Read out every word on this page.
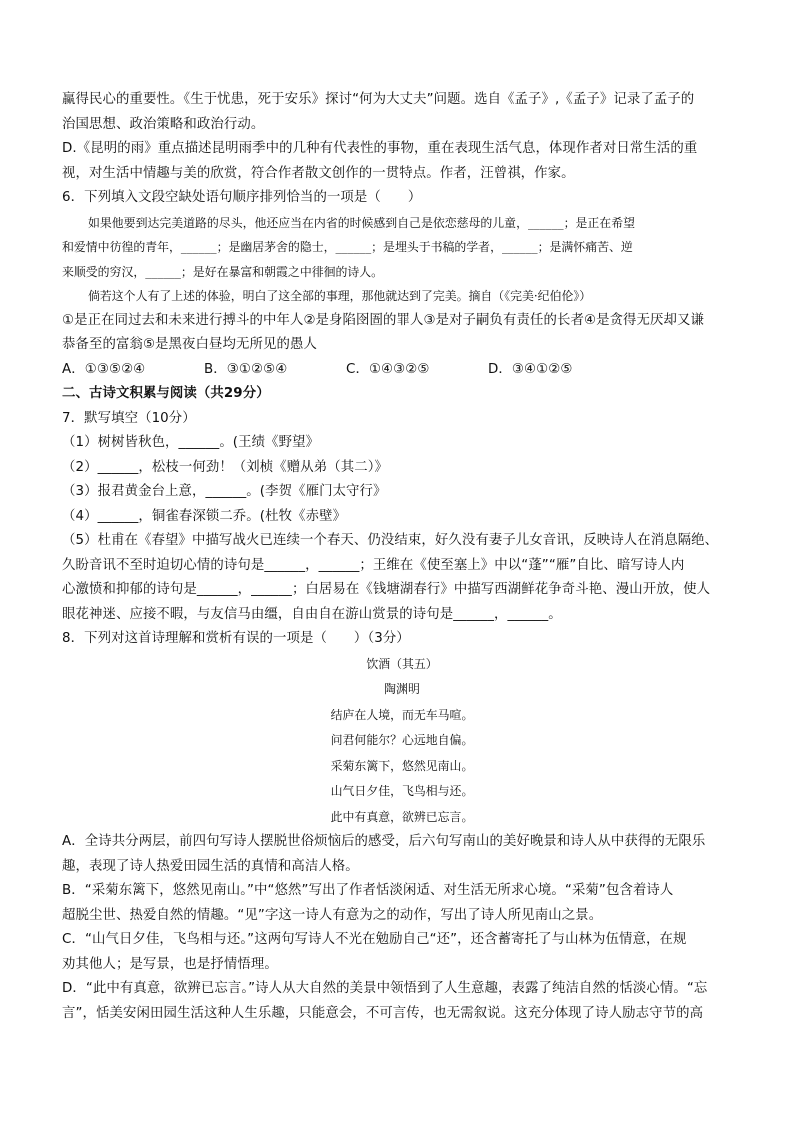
赢得民心的重要性。《生于忧患，死于安乐》探讨“何为大丈夫”问题。选自《孟子》,《孟子》记录了孟子的
治国思想、政治策略和政治行动。
D.《昆明的雨》重点描述昆明雨季中的几种有代表性的事物，重在表现生活气息，体现作者对日常生活的重
视，对生活中情趣与美的欣赏，符合作者散文创作的一贯特点。作者，汪曾祺，作家。
6．下列填入文段空缺处语句顺序排列恰当的一项是（　　）
如果他要到达完美道路的尽头，他还应当在内省的时候感到自己是依恋慈母的儿童，______；是正在希望
和爱情中彷徨的青年，______；是幽居茅舍的隐士，______；是埋头于书稿的学者，______；是满怀痛苦、逆
来顺受的穷汉，______；是好在暴富和朝霞之中徘徊的诗人。
倘若这个人有了上述的体验，明白了这全部的事理，那他就达到了完美。摘自（《完美·纪伯伦》）
①是正在同过去和未来进行搏斗的中年人②是身陷囹圄的罪人③是对子嗣负有责任的长者④是贪得无厌却又谦
恭备至的富翁⑤是黑夜白昼均无所见的愚人
A．①③⑤②④	B．③①②⑤④	C．①④③②⑤	D．③④①②⑤
二、古诗文积累与阅读（共29分）
7．默写填空（10分）
（1）树树皆秋色，______。(王绩《野望》
（2）______，松枝一何劲！（刘桢《赠从弟（其二）》
（3）报君黄金台上意，______。(李贺《雁门太守行》
（4）______，铜雀春深锁二乔。(杜牧《赤壁》
（5）杜甫在《春望》中描写战火已连续一个春天、仍没结束，好久没有妻子儿女音讯，反映诗人在消息隔绝、
久盼音讯不至时迫切心情的诗句是______，______；王维在《使至塞上》中以“蓬”“雁”自比、暗写诗人内
心激愤和抑郁的诗句是______，______；白居易在《钱塘湖春行》中描写西湖鲜花争奇斗艳、漫山开放，使人
眼花神迷、应接不暇，与友信马由缰，自由自在游山赏景的诗句是______，______。
8．下列对这首诗理解和赏析有误的一项是（　　）（3分）
饮酒（其五）
陶渊明
结庐在人境，而无车马喧。
问君何能尔？心远地自偏。
采菊东篱下，悠然见南山。
山气日夕佳，飞鸟相与还。
此中有真意，欲辨已忘言。
A．全诗共分两层，前四句写诗人摆脱世俗烦恼后的感受，后六句写南山的美好晚景和诗人从中获得的无限乐
趣，表现了诗人热爱田园生活的真情和高洁人格。
B．“采菊东篱下，悠然见南山。”中“悠然”写出了作者恬淡闲适、对生活无所求心境。“采菊”包含着诗人
超脱尘世、热爱自然的情趣。“见”字这一诗人有意为之的动作，写出了诗人所见南山之景。
C．“山气日夕佳，飞鸟相与还。”这两句写诗人不光在勉励自己“还”，还含蓄寄托了与山林为伍情意，在规
劝其他人；是写景，也是抒情悟理。
D．“此中有真意，欲辨已忘言。”诗人从大自然的美景中领悟到了人生意趣，表露了纯洁自然的恬淡心情。“忘
言”，恬美安闲田园生活这种人生乐趣，只能意会，不可言传，也无需叙说。这充分体现了诗人励志守节的高
